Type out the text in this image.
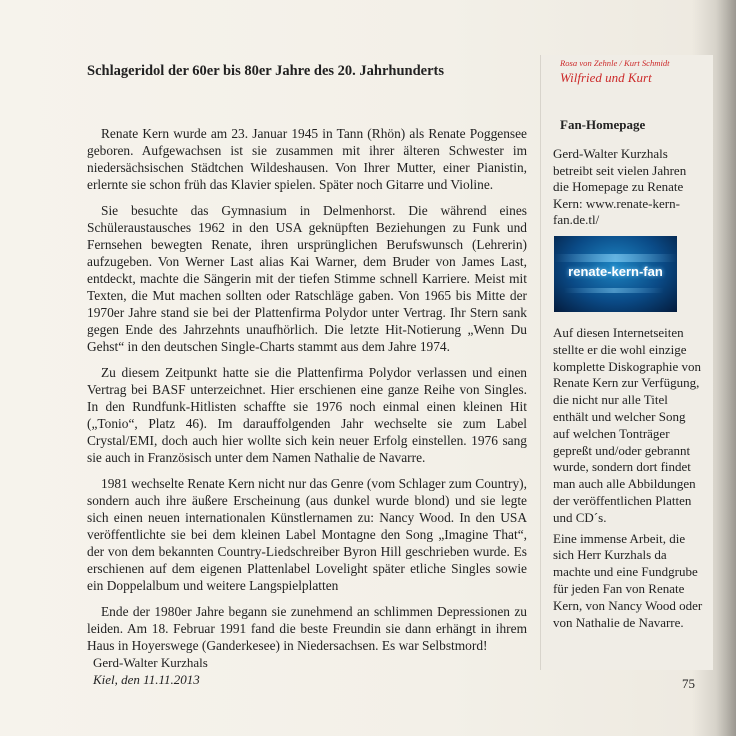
Schlageridol der 60er bis 80er Jahre des 20. Jahrhunderts

Renate Kern wurde am 23. Januar 1945 in Tann (Rhön) als Renate Poggensee geboren. Aufgewachsen ist sie zusammen mit ihrer älteren Schwester im niedersächsischen Städtchen Wildeshausen. Von Ihrer Mutter, einer Pianistin, erlernte sie schon früh das Klavier spielen. Später noch Gitarre und Violine.

Sie besuchte das Gymnasium in Delmenhorst. Die während eines Schüleraustausches 1962 in den USA geknüpften Beziehungen zu Funk und Fernsehen bewegten Renate, ihren ursprünglichen Berufswunsch (Lehrerin) aufzugeben. Von Werner Last alias Kai Warner, dem Bruder von James Last, entdeckt, machte die Sängerin mit der tiefen Stimme schnell Karriere. Meist mit Texten, die Mut machen sollten oder Ratschläge gaben. Von 1965 bis Mitte der 1970er Jahre stand sie bei der Plattenfirma Polydor unter Vertrag. Ihr Stern sank gegen Ende des Jahrzehnts unaufhörlich. Die letzte Hit-Notierung „Wenn Du Gehst“ in den deutschen Single-Charts stammt aus dem Jahre 1974.

Zu diesem Zeitpunkt hatte sie die Plattenfirma Polydor verlassen und einen Vertrag bei BASF unterzeichnet. Hier erschienen eine ganze Reihe von Singles. In den Rundfunk-Hitlisten schaffte sie 1976 noch einmal einen kleinen Hit („Tonio“, Platz 46). Im darauffolgenden Jahr wechselte sie zum Label Crystal/EMI, doch auch hier wollte sich kein neuer Erfolg einstellen. 1976 sang sie auch in Französisch unter dem Namen Nathalie de Navarre.

1981 wechselte Renate Kern nicht nur das Genre (vom Schlager zum Country), sondern auch ihre äußere Erscheinung (aus dunkel wurde blond) und sie legte sich einen neuen internationalen Künstlernamen zu: Nancy Wood. In den USA veröffentlichte sie bei dem kleinen Label Montagne den Song „Imagine That“, der von dem bekannten Country-Liedschreiber Byron Hill geschrieben wurde. Es erschienen auf dem eigenen Plattenlabel Lovelight später etliche Singles sowie ein Doppelalbum und weitere Langspielplatten

Ende der 1980er Jahre begann sie zunehmend an schlimmen Depressionen zu leiden. Am 18. Februar 1991 fand die beste Freundin sie dann erhängt in ihrem Haus in Hoyerswege (Ganderkesee) in Niedersachsen. Es war Selbstmord!

Gerd-Walter Kurzhals
Kiel, den 11.11.2013
Rosa von Zehnle / Kurt Schmidt
Wilfried und Kurt
Fan-Homepage
Gerd-Walter Kurzhals betreibt seit vielen Jahren die Homepage zu Renate Kern: www.renate-kern-fan.de.tl/
renate-kern-fan

Auf diesen Internetseiten stellte er die wohl einzige komplette Diskographie von Renate Kern zur Verfügung, die nicht nur alle Titel enthält und welcher Song auf welchen Tonträger gepreßt und/oder gebrannt wurde, sondern dort findet man auch alle Abbildungen der veröffentlichen Platten und CD´s.

Eine immense Arbeit, die sich Herr Kurzhals da machte und eine Fundgrube für jeden Fan von Renate Kern, von Nancy Wood oder von Nathalie de Navarre.

75
